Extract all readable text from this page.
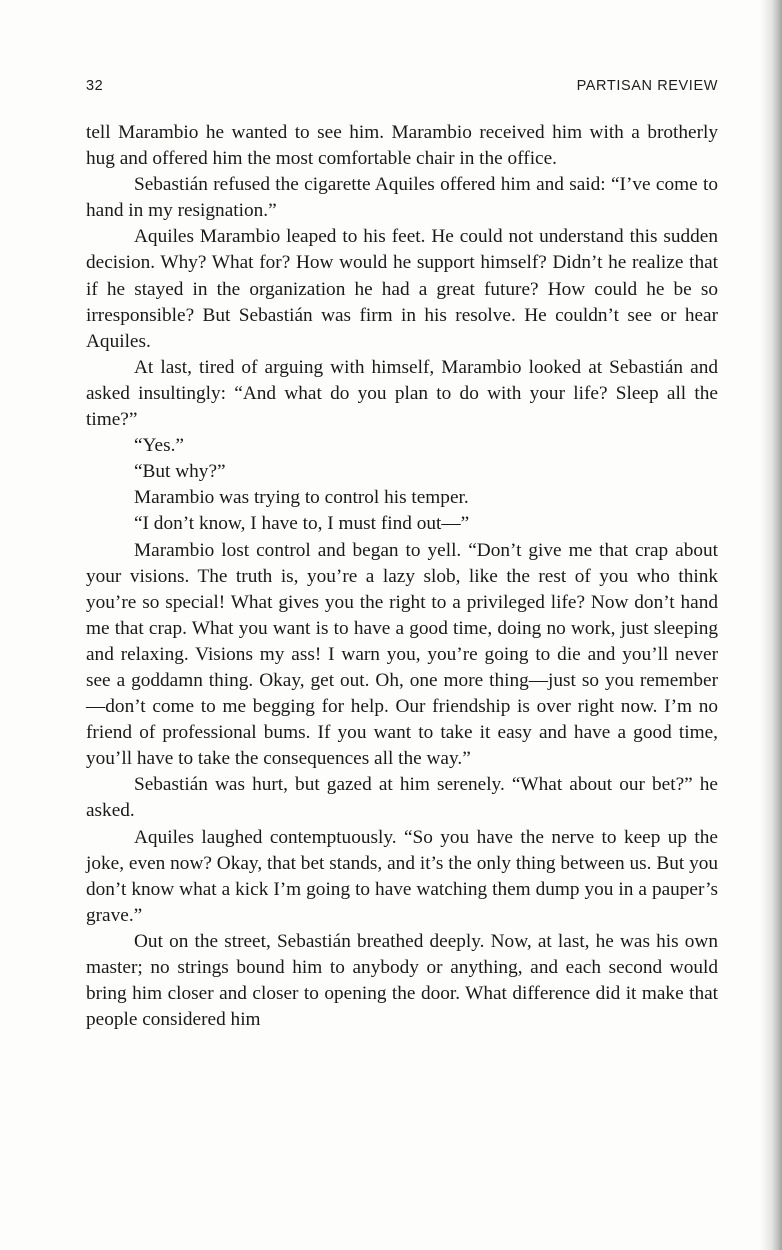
32	PARTISAN REVIEW

tell Marambio he wanted to see him. Marambio received him with a brotherly hug and offered him the most comfortable chair in the office.

Sebastián refused the cigarette Aquiles offered him and said: “I’ve come to hand in my resignation.”

Aquiles Marambio leaped to his feet. He could not understand this sudden decision. Why? What for? How would he support himself? Didn’t he realize that if he stayed in the organization he had a great future? How could he be so irresponsible? But Sebastián was firm in his resolve. He couldn’t see or hear Aquiles.

At last, tired of arguing with himself, Marambio looked at Sebastián and asked insultingly: “And what do you plan to do with your life? Sleep all the time?”

“Yes.”

“But why?”

Marambio was trying to control his temper.

“I don’t know, I have to, I must find out—”

Marambio lost control and began to yell. “Don’t give me that crap about your visions. The truth is, you’re a lazy slob, like the rest of you who think you’re so special! What gives you the right to a privileged life? Now don’t hand me that crap. What you want is to have a good time, doing no work, just sleeping and relaxing. Visions my ass! I warn you, you’re going to die and you’ll never see a goddamn thing. Okay, get out. Oh, one more thing—just so you remember—don’t come to me begging for help. Our friendship is over right now. I’m no friend of professional bums. If you want to take it easy and have a good time, you’ll have to take the consequences all the way.”

Sebastián was hurt, but gazed at him serenely. “What about our bet?” he asked.

Aquiles laughed contemptuously. “So you have the nerve to keep up the joke, even now? Okay, that bet stands, and it’s the only thing between us. But you don’t know what a kick I’m going to have watching them dump you in a pauper’s grave.”

Out on the street, Sebastián breathed deeply. Now, at last, he was his own master; no strings bound him to anybody or anything, and each second would bring him closer and closer to opening the door. What difference did it make that people considered him
